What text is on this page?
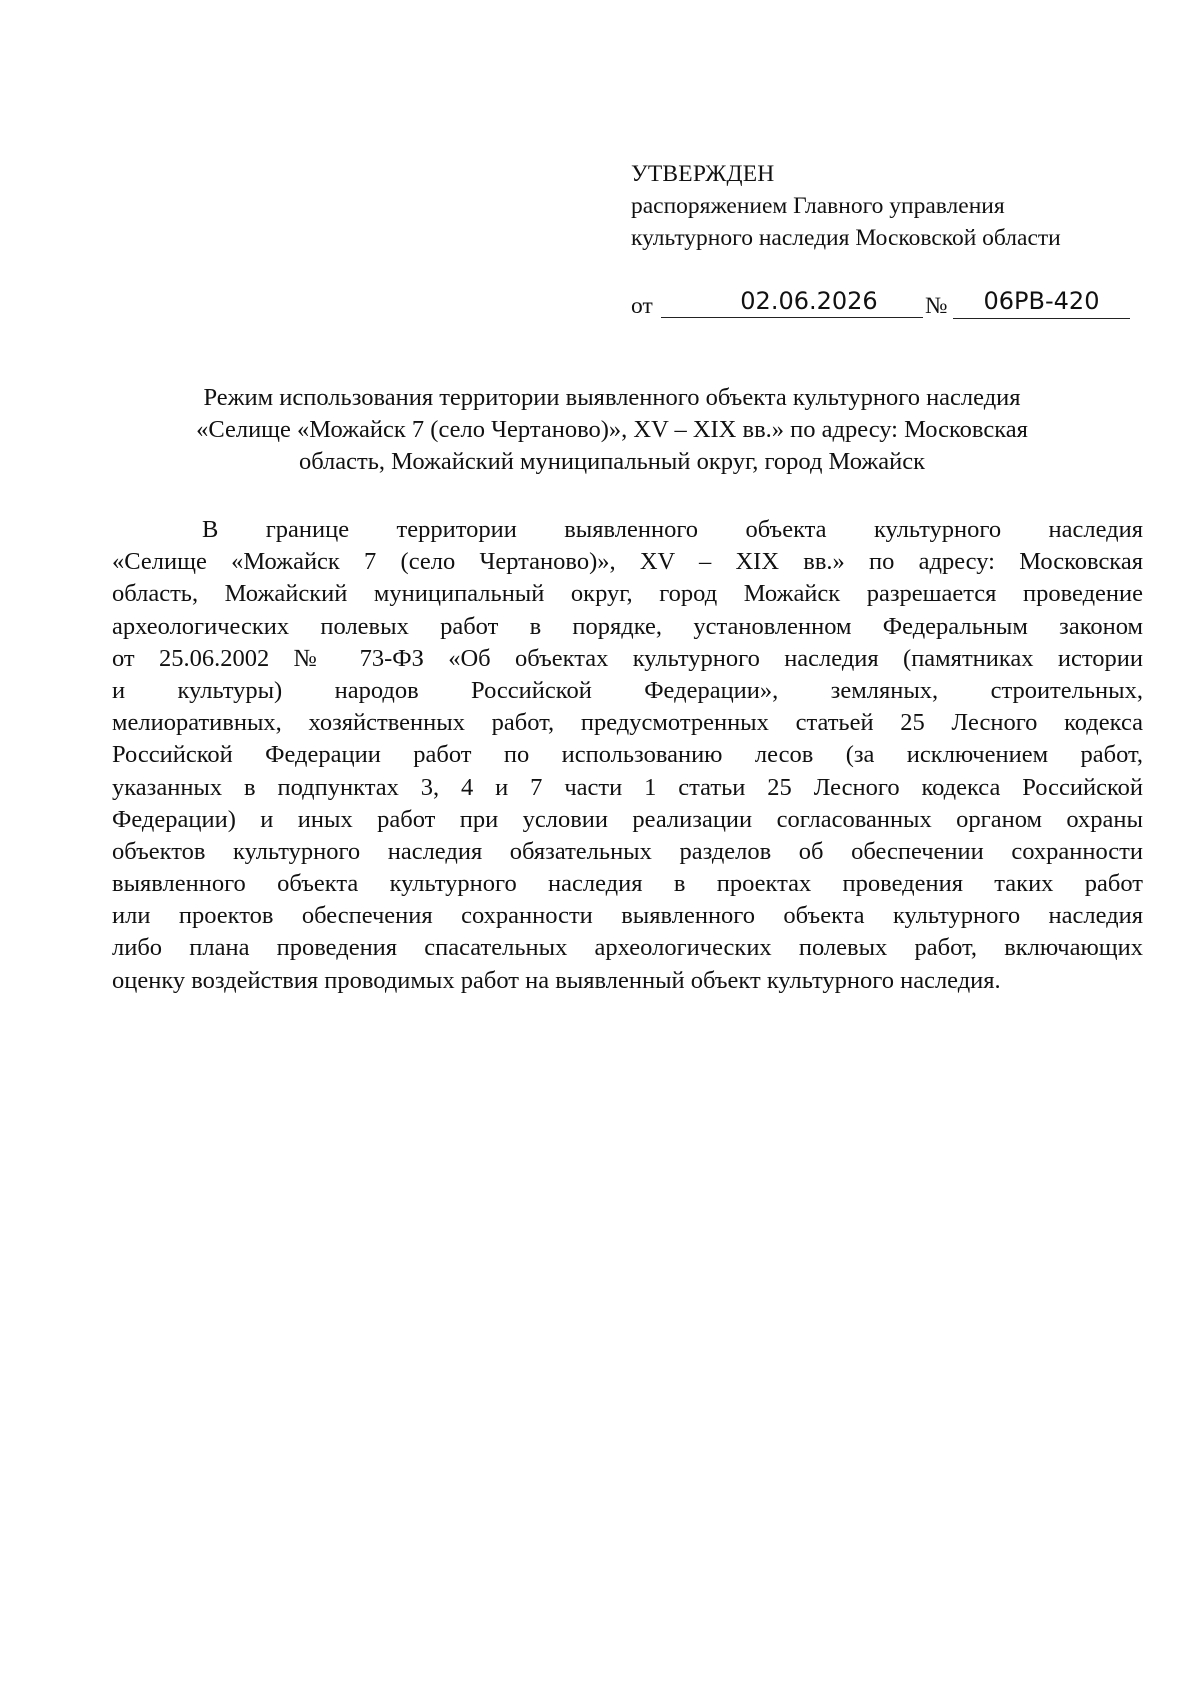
УТВЕРЖДЕН
распоряжением Главного управления
культурного наследия Московской области
от	02.06.2026	№	06РВ-420
Режим использования территории выявленного объекта культурного наследия
«Селище «Можайск 7 (село Чертаново)», XV – XIX вв.» по адресу: Московская
область, Можайский муниципальный округ, город Можайск
В границе территории выявленного объекта культурного наследия
«Селище «Можайск 7 (село Чертаново)», XV – XIX вв.» по адресу: Московская
область, Можайский муниципальный округ, город Можайск разрешается проведение
археологических полевых работ в порядке, установленном Федеральным законом
от 25.06.2002 № 73-ФЗ «Об объектах культурного наследия (памятниках истории
и культуры) народов Российской Федерации», земляных, строительных,
мелиоративных, хозяйственных работ, предусмотренных статьей 25 Лесного кодекса
Российской Федерации работ по использованию лесов (за исключением работ,
указанных в подпунктах 3, 4 и 7 части 1 статьи 25 Лесного кодекса Российской
Федерации) и иных работ при условии реализации согласованных органом охраны
объектов культурного наследия обязательных разделов об обеспечении сохранности
выявленного объекта культурного наследия в проектах проведения таких работ
или проектов обеспечения сохранности выявленного объекта культурного наследия
либо плана проведения спасательных археологических полевых работ, включающих
оценку воздействия проводимых работ на выявленный объект культурного наследия.
